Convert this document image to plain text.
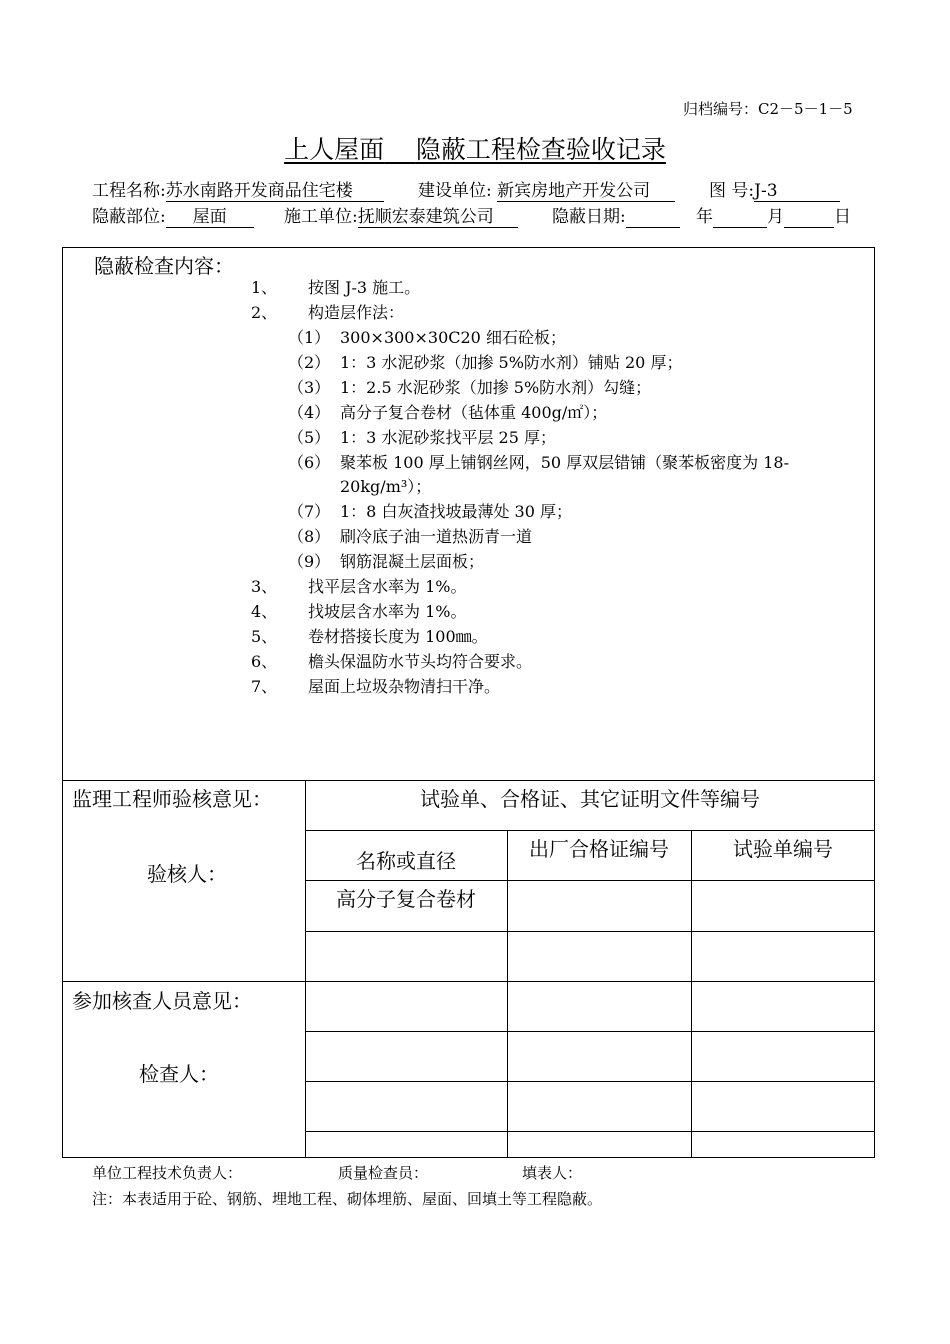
归档编号：C2－5－1－5
上人屋面 隐蔽工程检查验收记录
工程名称:苏水南路开发商品住宅楼	建设单位: 新宾房地产开发公司	图 号:J-3
隐蔽部位: 屋面	施工单位:抚顺宏泰建筑公司	隐蔽日期:	年	月	日
隐蔽检查内容：
1、 按图 J-3 施工。
2、 构造层作法：
（1） 300×300×30C20 细石砼板；
（2） 1：3 水泥砂浆（加掺 5%防水剂）铺贴 20 厚；
（3） 1：2.5 水泥砂浆（加掺 5%防水剂）勾缝；
（4） 高分子复合卷材（毡体重 400g/㎡）；
（5） 1：3 水泥砂浆找平层 25 厚；
（6） 聚苯板 100 厚上铺钢丝网，50 厚双层错铺（聚苯板密度为 18-
20kg/m³）；
（7） 1：8 白灰渣找坡最薄处 30 厚；
（8） 刷冷底子油一道热沥青一道
（9） 钢筋混凝土层面板；
3、 找平层含水率为 1%。
4、 找坡层含水率为 1%。
5、 卷材搭接长度为 100㎜。
6、 檐头保温防水节头均符合要求。
7、 屋面上垃圾杂物清扫干净。
监理工程师验核意见：
验核人：
参加核查人员意见：
检查人：
试验单、合格证、其它证明文件等编号
名称或直径	出厂合格证编号	试验单编号
高分子复合卷材
单位工程技术负责人：	质量检查员：	填表人：
注：本表适用于砼、钢筋、埋地工程、砌体埋筋、屋面、回填土等工程隐蔽。
